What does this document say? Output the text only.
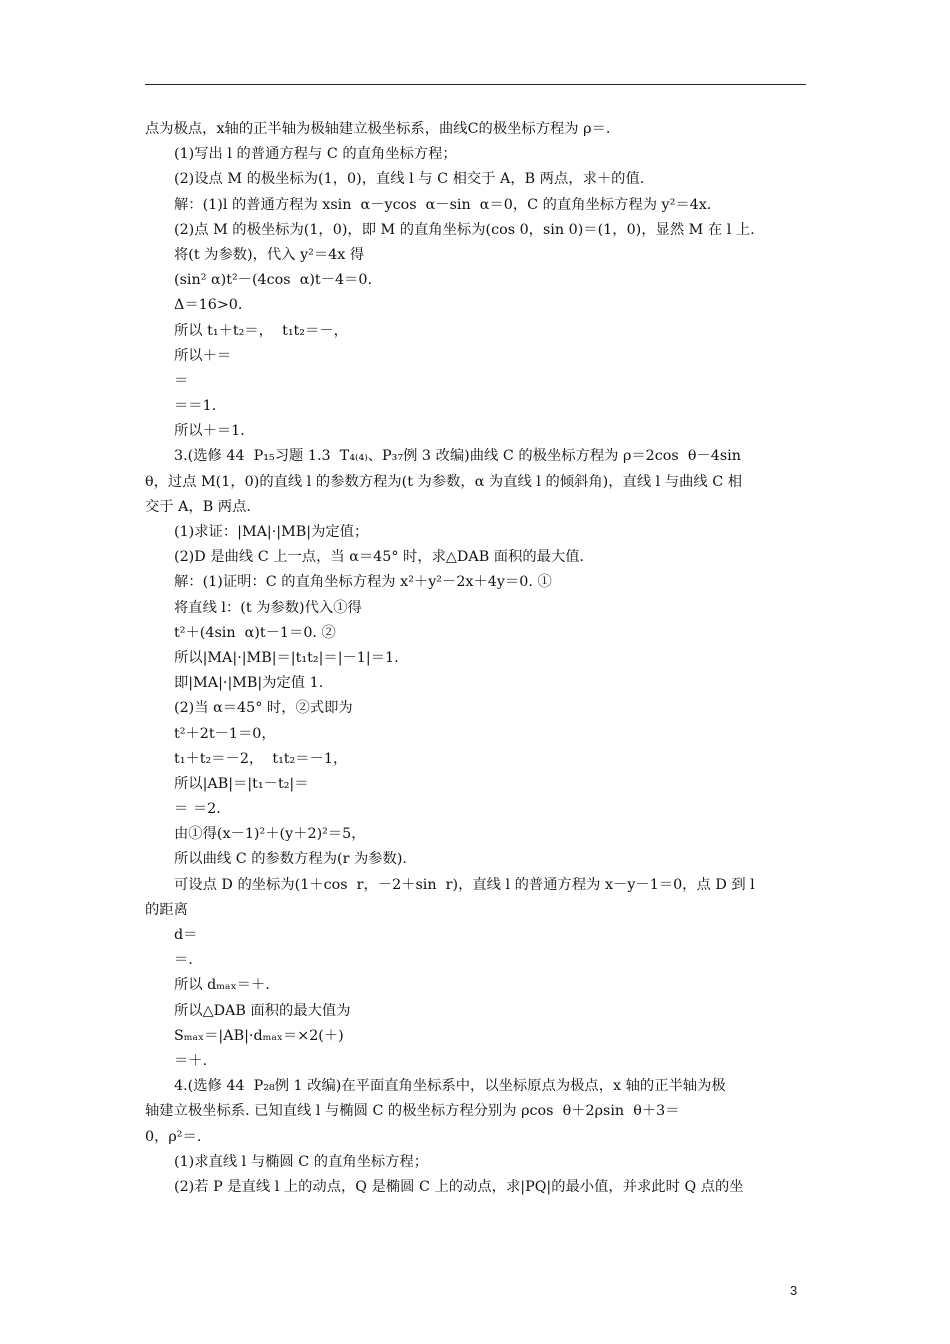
点为极点，x轴的正半轴为极轴建立极坐标系，曲线C的极坐标方程为 ρ＝.
(1)写出 l 的普通方程与 C 的直角坐标方程；
(2)设点 M 的极坐标为(1，0)，直线 l 与 C 相交于 A，B 两点，求＋的值.
解：(1)l 的普通方程为 xsin  α－ycos  α－sin  α＝0，C 的直角坐标方程为 y²＝4x.
(2)点 M 的极坐标为(1，0)，即 M 的直角坐标为(cos 0，sin 0)＝(1，0)，显然 M 在 l 上.
将(t 为参数)，代入 y²＝4x 得
(sin² α)t²－(4cos  α)t－4＝0.
Δ＝16>0.
所以 t₁＋t₂＝，  t₁t₂＝－，
所以＋＝
＝
＝＝1.
所以＋＝1.
3.(选修 44  P₁₅习题 1.3  T₄₍₄₎、P₃₇例 3 改编)曲线 C 的极坐标方程为 ρ＝2cos  θ－4sin
θ，过点 M(1，0)的直线 l 的参数方程为(t 为参数，α 为直线 l 的倾斜角)，直线 l 与曲线 C 相
交于 A，B 两点.
(1)求证：|MA|·|MB|为定值；
(2)D 是曲线 C 上一点，当 α＝45° 时，求△DAB 面积的最大值.
解：(1)证明：C 的直角坐标方程为 x²＋y²－2x＋4y＝0. ①
将直线 l：(t 为参数)代入①得
t²＋(4sin  α)t－1＝0. ②
所以|MA|·|MB|＝|t₁t₂|＝|－1|＝1.
即|MA|·|MB|为定值 1.
(2)当 α＝45° 时，②式即为
t²＋2t－1＝0，
t₁＋t₂＝－2，  t₁t₂＝－1，
所以|AB|＝|t₁－t₂|＝
＝ ＝2.
由①得(x－1)²＋(y＋2)²＝5，
所以曲线 C 的参数方程为(r 为参数).
可设点 D 的坐标为(1＋cos  r，－2＋sin  r)，直线 l 的普通方程为 x－y－1＝0，点 D 到 l
的距离
d＝
＝.
所以 dₘₐₓ＝＋.
所以△DAB 面积的最大值为
Sₘₐₓ＝|AB|·dₘₐₓ＝×2(＋)
＝＋.
4.(选修 44  P₂₈例 1 改编)在平面直角坐标系中，以坐标原点为极点，x 轴的正半轴为极
轴建立极坐标系. 已知直线 l 与椭圆 C 的极坐标方程分别为 ρcos  θ＋2ρsin  θ＋3＝
0，ρ²＝.
(1)求直线 l 与椭圆 C 的直角坐标方程；
(2)若 P 是直线 l 上的动点，Q 是椭圆 C 上的动点，求|PQ|的最小值，并求此时 Q 点的坐
3
